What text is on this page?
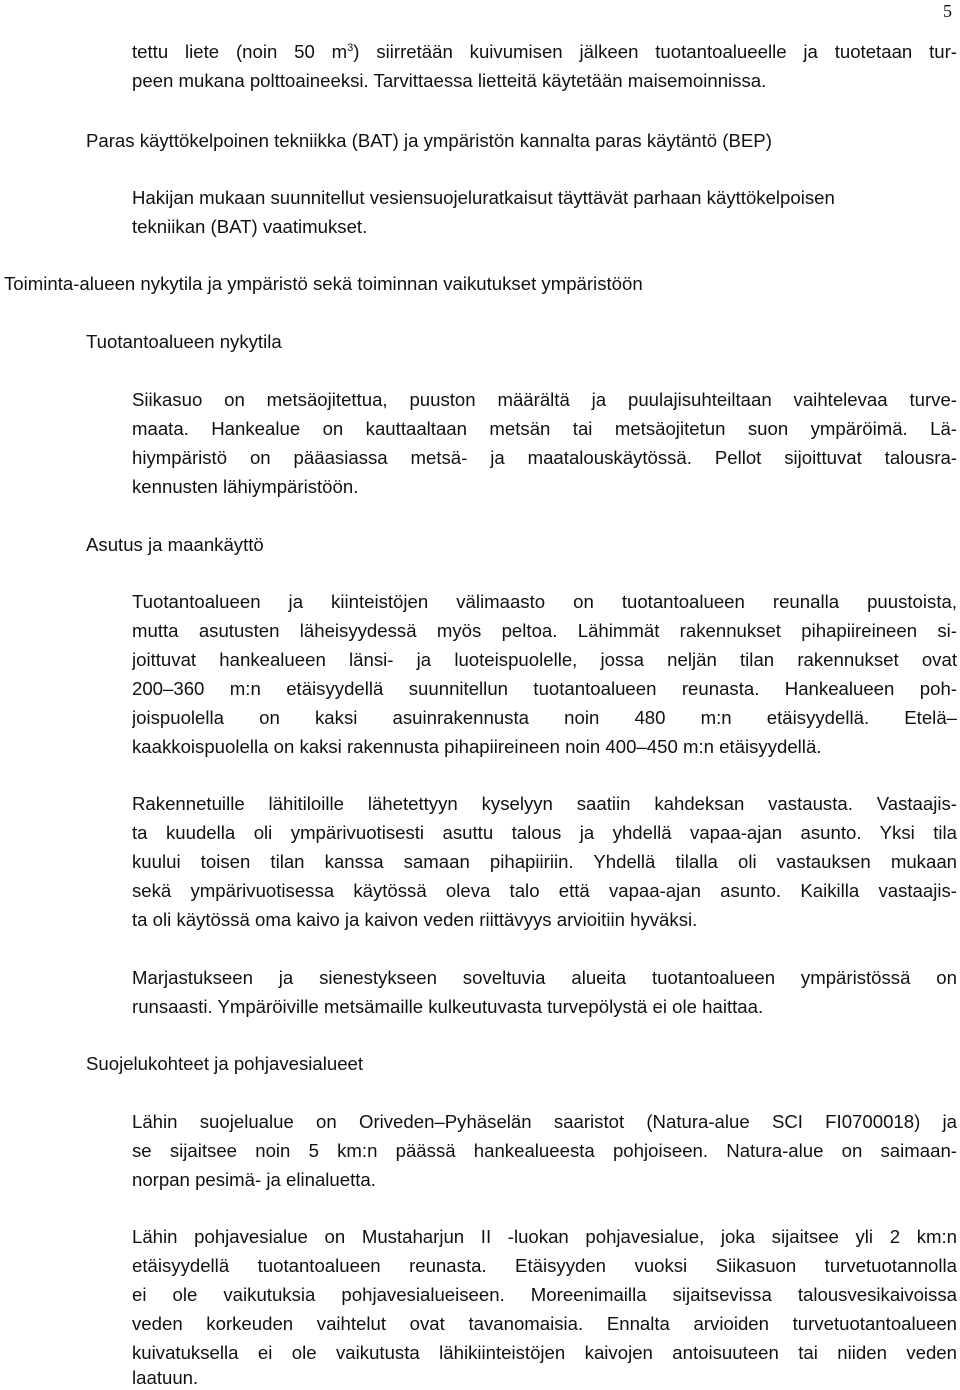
5
tettu liete (noin 50 $m^3$) siirretään kuivumisen jälkeen tuotantoalueelle ja tuotetaan tur-
peen mukana polttoaineeksi. Tarvittaessa lietteitä käytetään maisemoinnissa.
Paras käyttökelpoinen tekniikka (BAT) ja ympäristön kannalta paras käytäntö (BEP)
Hakijan mukaan suunnitellut vesiensuojeluratkaisut täyttävät parhaan käyttökelpoisen
tekniikan (BAT) vaatimukset.
Toiminta-alueen nykytila ja ympäristö sekä toiminnan vaikutukset ympäristöön
Tuotantoalueen nykytila
Siikasuo on metsäojitettua, puuston määrältä ja puulajisuhteiltaan vaihtelevaa turve-
maata. Hankealue on kauttaaltaan metsän tai metsäojitetun suon ympäröimä. Lä-
hiympäristö on pääasiassa metsä- ja maatalouskäytössä. Pellot sijoittuvat talousra-
kennusten lähiympäristöön.
Asutus ja maankäyttö
Tuotantoalueen ja kiinteistöjen välimaasto on tuotantoalueen reunalla puustoista,
mutta asutusten läheisyydessä myös peltoa. Lähimmät rakennukset pihapiireineen si-
joittuvat hankealueen länsi- ja luoteispuolelle, jossa neljän tilan rakennukset ovat
200–360 m:n etäisyydellä suunnitellun tuotantoalueen reunasta. Hankealueen poh-
joispuolella on kaksi asuinrakennusta noin 480 m:n etäisyydellä. Etelä–
kaakkoispuolella on kaksi rakennusta pihapiireineen noin 400–450 m:n etäisyydellä.
Rakennetuille lähitiloille lähetettyyn kyselyyn saatiin kahdeksan vastausta. Vastaajis-
ta kuudella oli ympärivuotisesti asuttu talous ja yhdellä vapaa-ajan asunto. Yksi tila
kuului toisen tilan kanssa samaan pihapiiriin. Yhdellä tilalla oli vastauksen mukaan
sekä ympärivuotisessa käytössä oleva talo että vapaa-ajan asunto. Kaikilla vastaajis-
ta oli käytössä oma kaivo ja kaivon veden riittävyys arvioitiin hyväksi.
Marjastukseen ja sienestykseen soveltuvia alueita tuotantoalueen ympäristössä on
runsaasti. Ympäröiville metsämaille kulkeutuvasta turvepölystä ei ole haittaa.
Suojelukohteet ja pohjavesialueet
Lähin suojelualue on Oriveden–Pyhäselän saaristot (Natura-alue SCI FI0700018) ja
se sijaitsee noin 5 km:n päässä hankealueesta pohjoiseen. Natura-alue on saimaan-
norpan pesimä- ja elinaluetta.
Lähin pohjavesialue on Mustaharjun II -luokan pohjavesialue, joka sijaitsee yli 2 km:n
etäisyydellä tuotantoalueen reunasta. Etäisyyden vuoksi Siikasuon turvetuotannolla
ei ole vaikutuksia pohjavesialueiseen. Moreenimailla sijaitsevissa talousvesikaivoissa
veden korkeuden vaihtelut ovat tavanomaisia. Ennalta arvioiden turvetuotantoalueen
kuivatuksella ei ole vaikutusta lähikiinteistöjen kaivojen antoisuuteen tai niiden veden
laatuun.
